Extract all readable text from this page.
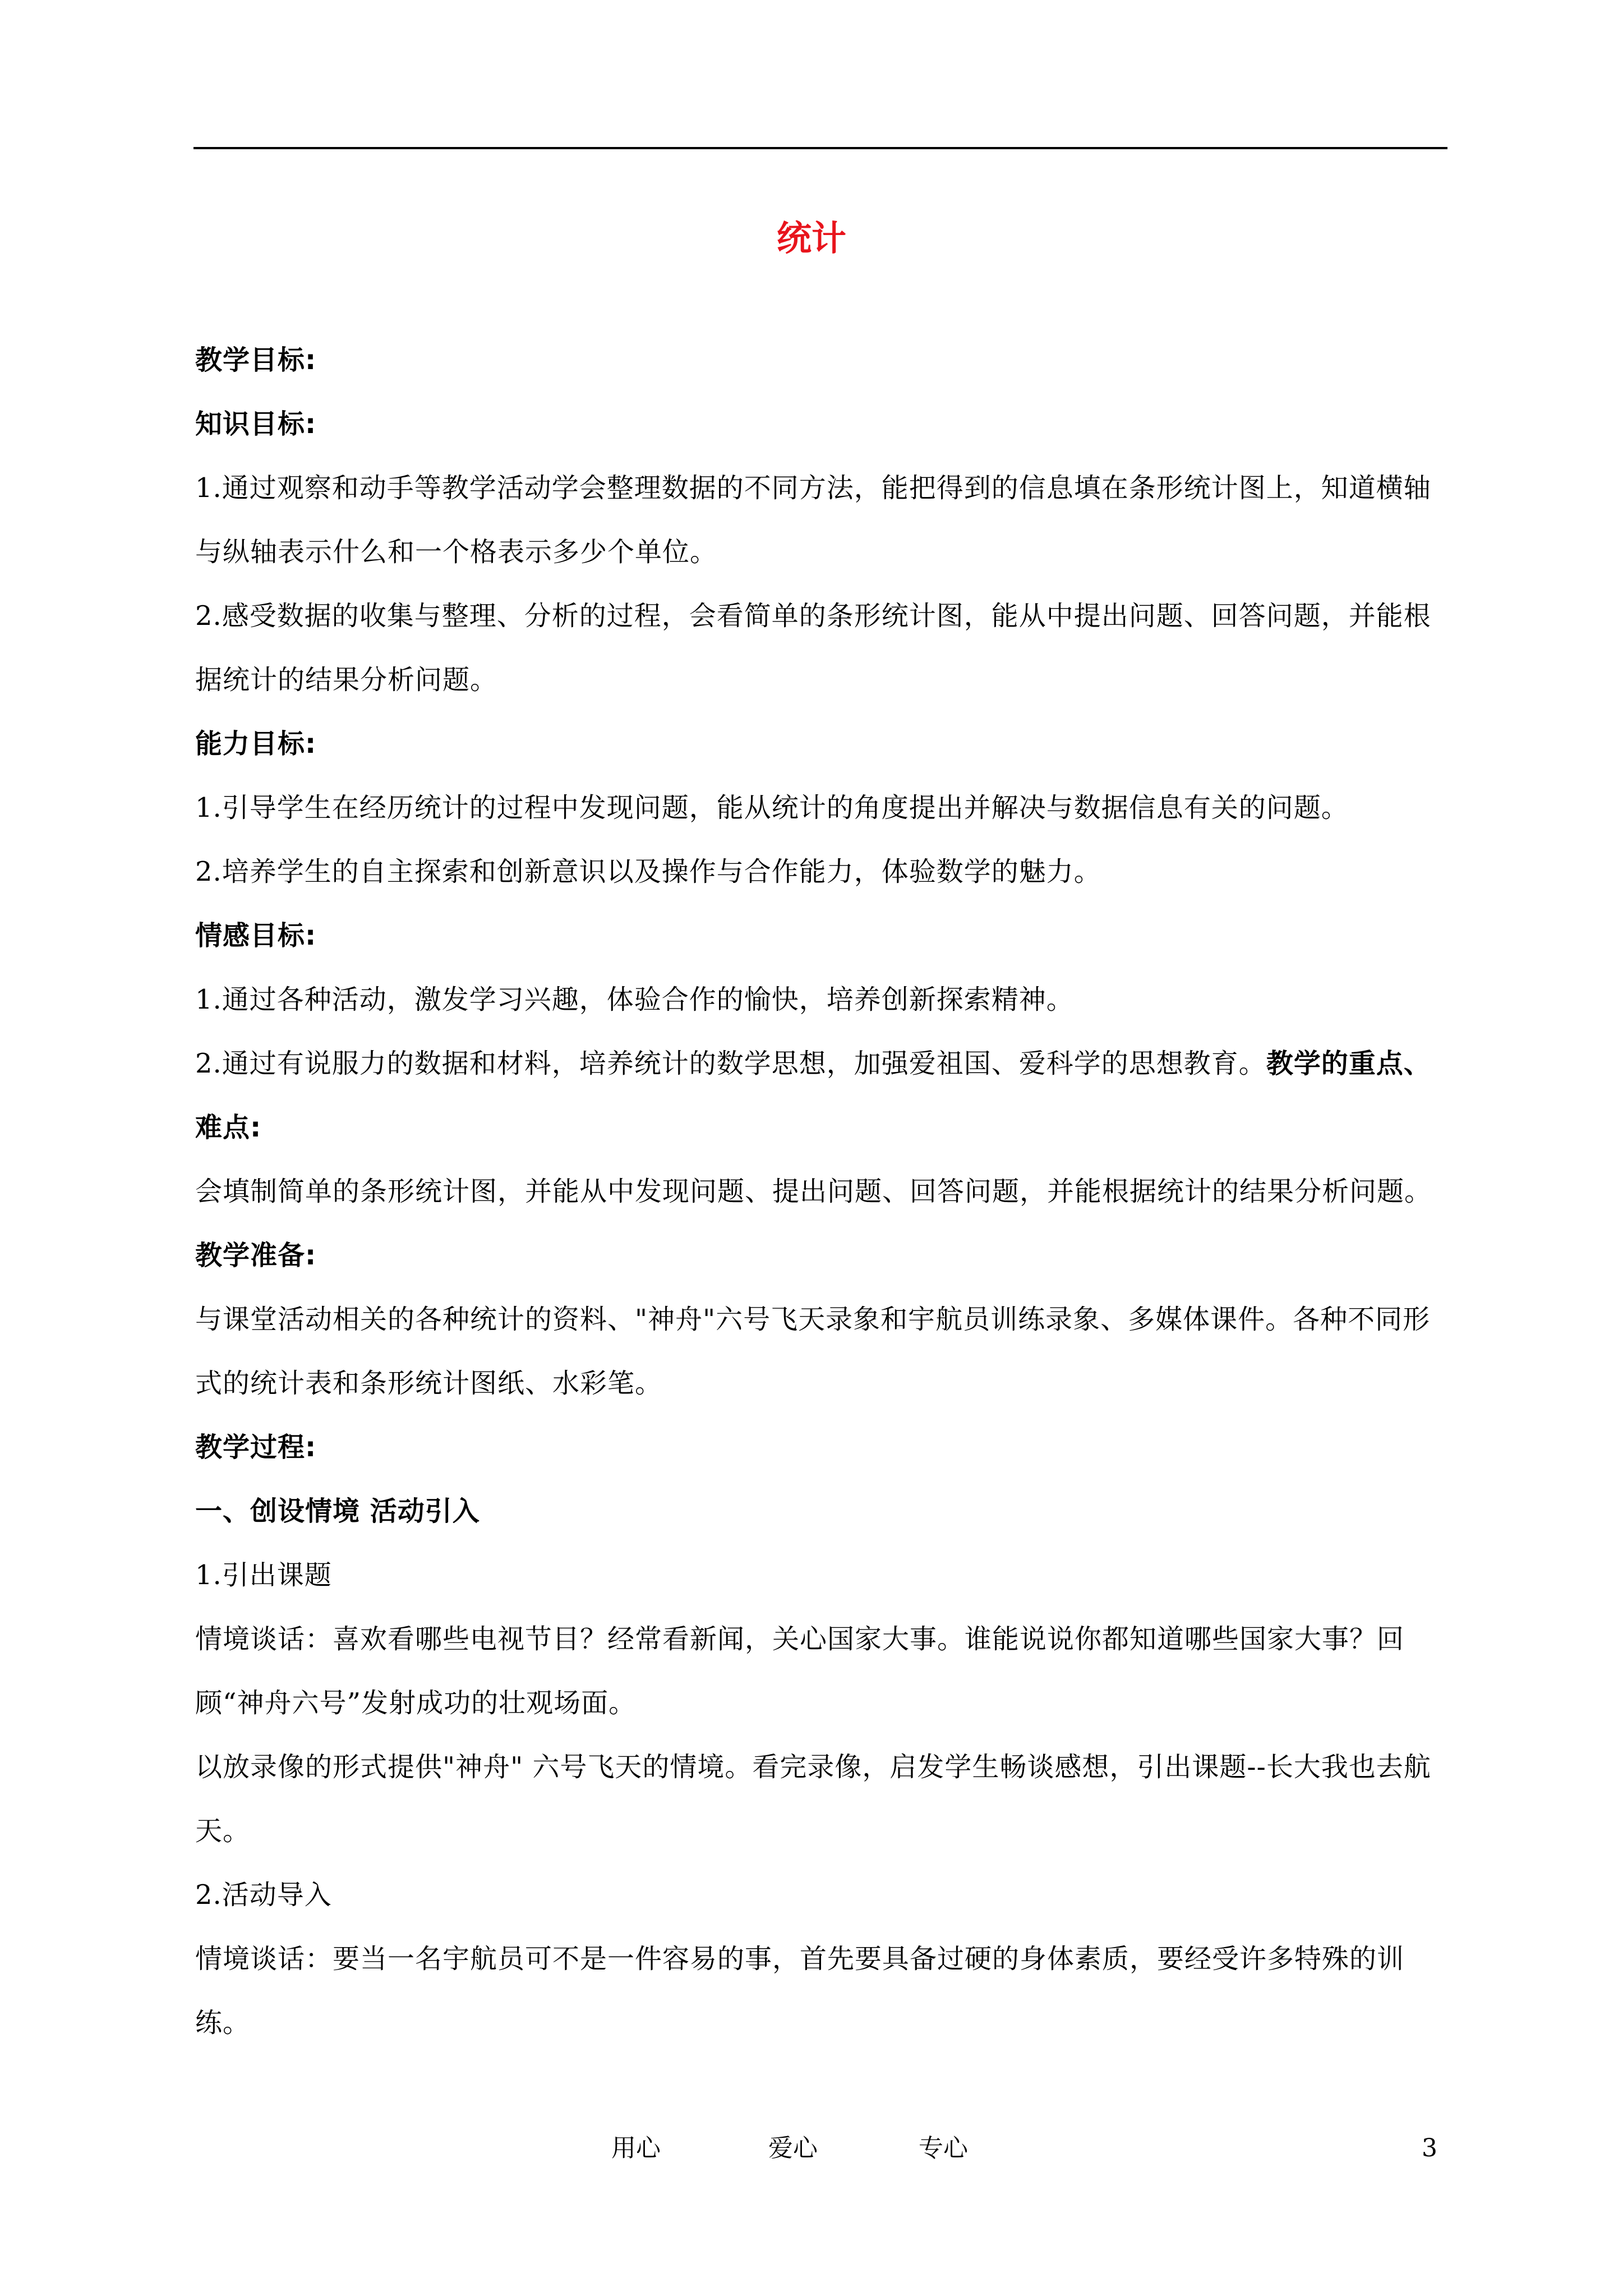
统计

教学目标:

知识目标:

1.通过观察和动手等教学活动学会整理数据的不同方法，能把得到的信息填在条形统计图上，知道横轴与纵轴表示什么和一个格表示多少个单位。

2.感受数据的收集与整理、分析的过程，会看简单的条形统计图，能从中提出问题、回答问题，并能根据统计的结果分析问题。

能力目标:

1.引导学生在经历统计的过程中发现问题，能从统计的角度提出并解决与数据信息有关的问题。

2.培养学生的自主探索和创新意识以及操作与合作能力，体验数学的魅力。

情感目标:

1.通过各种活动，激发学习兴趣，体验合作的愉快，培养创新探索精神。

2.通过有说服力的数据和材料，培养统计的数学思想，加强爱祖国、爱科学的思想教育。教学的重点、难点:

会填制简单的条形统计图，并能从中发现问题、提出问题、回答问题，并能根据统计的结果分析问题。

教学准备:

与课堂活动相关的各种统计的资料、"神舟"六号飞天录象和宇航员训练录象、多媒体课件。各种不同形式的统计表和条形统计图纸、水彩笔。

教学过程:

一、创设情境 活动引入

1.引出课题

情境谈话：喜欢看哪些电视节目？经常看新闻，关心国家大事。谁能说说你都知道哪些国家大事？回顾“神舟六号”发射成功的壮观场面。

以放录像的形式提供"神舟" 六号飞天的情境。看完录像，启发学生畅谈感想，引出课题--长大我也去航天。

2.活动导入

情境谈话：要当一名宇航员可不是一件容易的事，首先要具备过硬的身体素质，要经受许多特殊的训练。

用心	爱心	专心	3
